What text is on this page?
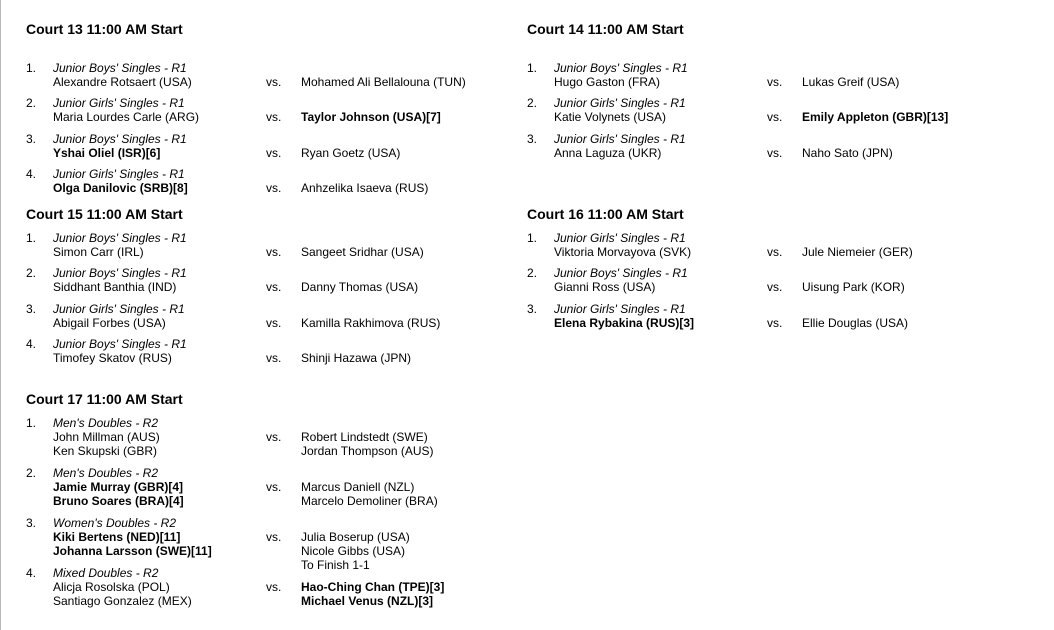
Court 13 11:00 AM Start
1. Junior Boys' Singles - R1
Alexandre Rotsaert (USA)	vs. Mohamed Ali Bellalouna (TUN)
2. Junior Girls' Singles - R1
Maria Lourdes Carle (ARG)	vs. Taylor Johnson (USA)[7]
3. Junior Boys' Singles - R1
Yshai Oliel (ISR)[6]	vs. Ryan Goetz (USA)
4. Junior Girls' Singles - R1
Olga Danilovic (SRB)[8]	vs. Anhzelika Isaeva (RUS)
Court 14 11:00 AM Start
1. Junior Boys' Singles - R1
Hugo Gaston (FRA)	vs. Lukas Greif (USA)
2. Junior Girls' Singles - R1
Katie Volynets (USA)	vs. Emily Appleton (GBR)[13]
3. Junior Girls' Singles - R1
Anna Laguza (UKR)	vs. Naho Sato (JPN)
Court 15 11:00 AM Start
1. Junior Boys' Singles - R1
Simon Carr (IRL)	vs. Sangeet Sridhar (USA)
2. Junior Boys' Singles - R1
Siddhant Banthia (IND)	vs. Danny Thomas (USA)
3. Junior Girls' Singles - R1
Abigail Forbes (USA)	vs. Kamilla Rakhimova (RUS)
4. Junior Boys' Singles - R1
Timofey Skatov (RUS)	vs. Shinji Hazawa (JPN)
Court 16 11:00 AM Start
1. Junior Girls' Singles - R1
Viktoria Morvayova (SVK)	vs. Jule Niemeier (GER)
2. Junior Boys' Singles - R1
Gianni Ross (USA)	vs. Uisung Park (KOR)
3. Junior Girls' Singles - R1
Elena Rybakina (RUS)[3]	vs. Ellie Douglas (USA)
Court 17 11:00 AM Start
1. Men's Doubles - R2
John Millman (AUS)
Ken Skupski (GBR)
vs. Robert Lindstedt (SWE)
Jordan Thompson (AUS)
2. Men's Doubles - R2
Jamie Murray (GBR)[4]
Bruno Soares (BRA)[4]
vs. Marcus Daniell (NZL)
Marcelo Demoliner (BRA)
3. Women's Doubles - R2
Kiki Bertens (NED)[11]
Johanna Larsson (SWE)[11]
vs. Julia Boserup (USA)
Nicole Gibbs (USA)
To Finish 1-1
4. Mixed Doubles - R2
Alicja Rosolska (POL)
Santiago Gonzalez (MEX)
vs. Hao-Ching Chan (TPE)[3]
Michael Venus (NZL)[3]
